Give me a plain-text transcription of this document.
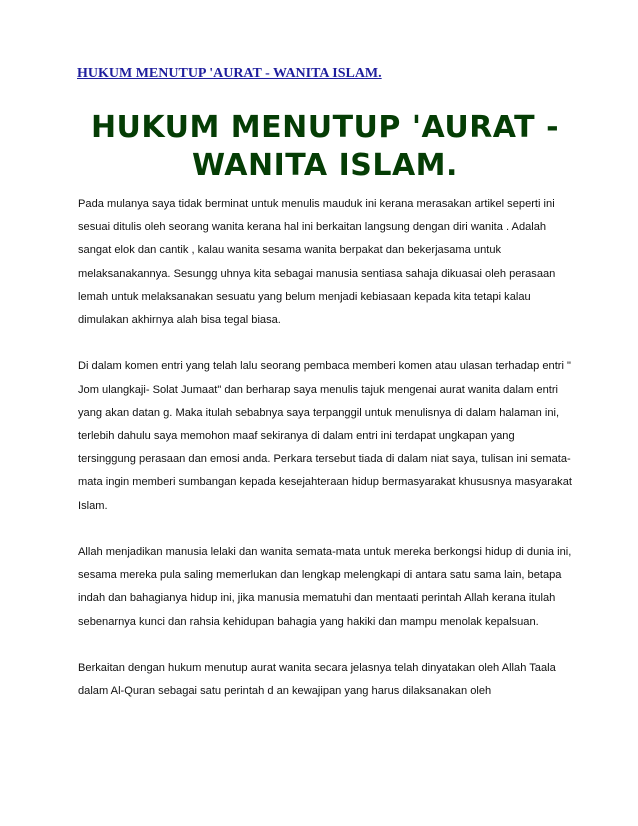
HUKUM MENUTUP 'AURAT - WANITA ISLAM.
HUKUM MENUTUP 'AURAT - WANITA ISLAM.

Pada mulanya saya tidak berminat untuk menulis mauduk ini kerana merasakan artikel seperti ini sesuai ditulis oleh seorang wanita kerana hal ini berkaitan langsung dengan diri wanita . Adalah sangat elok dan cantik , kalau wanita sesama wanita berpakat dan bekerjasama untuk melaksanakannya. Sesungg uhnya kita sebagai manusia sentiasa sahaja dikuasai oleh perasaan lemah untuk melaksanakan sesuatu yang belum menjadi kebiasaan kepada kita tetapi kalau dimulakan akhirnya alah bisa tegal biasa.

Di dalam komen entri yang telah lalu seorang pembaca memberi komen atau ulasan terhadap entri " Jom ulangkaji- Solat Jumaat" dan berharap saya menulis tajuk mengenai aurat wanita dalam entri yang akan datan g. Maka itulah sebabnya saya terpanggil untuk menulisnya di dalam halaman ini, terlebih dahulu saya memohon maaf sekiranya di dalam entri ini terdapat ungkapan yang tersinggung perasaan dan emosi anda. Perkara tersebut tiada di dalam niat saya, tulisan ini semata-mata ingin memberi sumbangan kepada kesejahteraan hidup bermasyarakat khususnya masyarakat Islam.

Allah menjadikan manusia lelaki dan wanita semata-mata untuk mereka berkongsi hidup di dunia ini, sesama mereka pula saling memerlukan dan lengkap melengkapi di antara satu sama lain, betapa indah dan bahagianya hidup ini, jika manusia mematuhi dan mentaati perintah Allah kerana itulah sebenarnya kunci dan rahsia kehidupan bahagia yang hakiki dan mampu menolak kepalsuan.

Berkaitan dengan hukum menutup aurat wanita secara jelasnya telah dinyatakan oleh Allah Taala dalam Al-Quran sebagai satu perintah d an kewajipan yang harus dilaksanakan oleh
